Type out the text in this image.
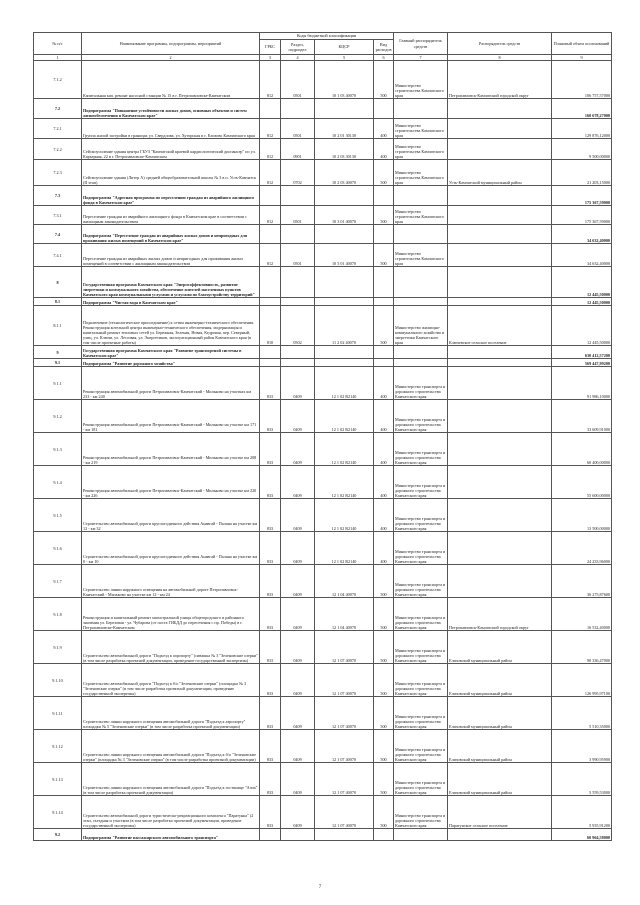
№ п/с	Наименование программы, подпрограммы, мероприятий	Коды бюджетной классификации				Главный распорядитель средств	Распорядитель средств	Плановый объем ассигнований
		ГРБС	Раздел, подраздел	КЦСР	Вид расходов			
1	2	3	4	5	6	7	8	9
7.1.2	Капитальная кап. ремонт насосной станции № 15 в г. Петропавловске-Камчатском	812	0501	10 1 03 40070	500	Министерство строительства Камчатского края	Петропавловск-Камчатский городской округ	106 757,57000
7.2	Подпрограмма "Повышение устойчивости жилых домов, основных объектов и систем жизнеобеспечения в Камчатском крае"							160 678,27000
7.2.1	Группа жилой застройки в границах ул. Свердлова, ул. Хуторская и г. Елизово Камчатского края	812	0501	10 2 01 30130	400	Министерство строительства Камчатского края		129 876,12000
7.2.2	Сейсмоусиление здания центра ГБУЗ "Камчатский краевой кардиологический диспансер" по ул. Карьерная, 22 в г. Петропавловске-Камчатском	812	0901	10 2 03 30130	400	Министерство строительства Камчатского края		9 500,00000
7.2.3	Сейсмоусиление здания (Литер А) средней общеобразовательной школы № 3 в п. Усть-Камчатск (II этап)	812	0702	10 2 03 40070	500	Министерство строительства Камчатского края	Усть-Камчатский муниципальный район	21 203,15000
7.3	Подпрограмма "Адресная программа по переселению граждан из аварийного жилищного фонда в Камчатском крае"							175 367,59000
7.3.1	Переселение граждан из аварийного жилищного фонда в Камчатском крае в соответствии с жилищным законодательством	812	0501	10 3 01 40070	500	Министерство строительства Камчатского края		175 367,59000
7.4	Подпрограмма "Переселение граждан из аварийных жилых домов и непригодных для проживания жилых помещений в Камчатском крае"							34 632,40000
7.4.1	Переселение граждан из аварийных жилых домов и непригодных для проживания жилых помещений в соответствии с жилищным законодательством	812	0501	10 5 01 40070	500	Министерство строительства Камчатского края		34 632,40000
8	Государственная программа Камчатского края "Энергоэффективность, развитие энергетики и коммунального хозяйства, обеспечение жителей населенных пунктов Камчатского края коммунальными услугами и услугами по благоустройству территорий"							12 445,50000
8.1	Подпрограмма "Чистая вода в Камчатском крае"							12 445,50000
8.1.1	Подключение (технологическое присоединение) к сетям инженерно-технического обеспечения. Реконструкция котельной центра инженерно-технического обеспечения, модернизация и капитальный ремонт тепловых сетей ул. Бережная, Зеленая, Новая, Кедровая, пер. Северный, улиц, уч. Ключи, ул. Лесозвая, ул. Энергетиков, эксплуатационный район Камчатского края (в том числе проектные работы)	810	0502	11 2 02 40070	500	Министерство жилищно-коммунального хозяйства и энергетики Камчатского края	Ключевское сельское поселение	12 445,50000
9	Государственная программа Камчатского края "Развитие транспортной системы в Камчатском крае"							630 412,57200
9.1	Подпрограмма "Развитие дорожного хозяйства"							569 447,99200
9.1.1	Реконструкция автомобильной дороги Петропавловск-Камчатский - Мильково на участках км 233 - км 240	833	0409	12 1 02 R2140	400	Министерство транспорта и дорожного строительства Камчатского края		91 986,10000
9.1.2	Реконструкция автомобильной дороги Петропавловск-Камчатский - Мильково на участке км 171 - км 181	833	0409	12 1 02 R2140	400	Министерство транспорта и дорожного строительства Камчатского края		33 609,91000
9.1.3	Реконструкция автомобильной дороги Петропавловск-Камчатский - Мильково на участке км 208 - км 219	833	0409	12 1 02 R2140	400	Министерство транспорта и дорожного строительства Камчатского края		60 400,00000
9.1.4	Реконструкция автомобильной дороги Петропавловск-Камчатский - Мильково на участке км 220 - км 226	833	0409	12 1 02 R2140	400	Министерство транспорта и дорожного строительства Камчатского края		55 600,00000
9.1.5	Строительство автомобильной дороги круглогодичного действия Анавгай - Палана на участке км 12 - км 32	833	0409	12 1 02 R2140	400	Министерство транспорта и дорожного строительства Камчатского края		13 500,00000
9.1.6	Строительство автомобильной дороги круглогодичного действия Анавгай - Палана на участке км 0 - км 10	833	0409	12 1 02 R2140	400	Министерство транспорта и дорожного строительства Камчатского края		24 233,96000
9.1.7	Строительство линии наружного освещения на автомобильной дороге Петропавловск-Камчатский - Мильково на участке км 12 - км 24	833	0409	12 1 04 40070	500	Министерство транспорта и дорожного строительства Камчатского края		36 275,87600
9.1.8	Реконструкция и капитальный ремонт магистральной улицы общегородского и районного значения ул. Березовая - ул. Чубарова (от поста ГИБДД до пересечения с пр. Победы) в г. Петропавловске-Камчатском	833	0409	12 1 04 40070	500	Министерство транспорта и дорожного строительства Камчатского края	Петропавловск-Камчатский городской округ	16 532,40000
9.1.9	Строительство автомобильной дороги "Подъезд к аэропорту" (сивашка № 3 "Зеленовские озерки" (в том числе разработка проектной документации, проведение государственной экспертизы)	833	0409	12 1 07 40070	500	Министерство транспорта и дорожного строительства Камчатского края	Елизовский муниципальный район	90 336,47000
9.1.10	Строительство автомобильной дороги "Подъезд к б/о "Зеленовские озерки" (площадка № 3 "Зеленовские озерки" (в том числе разработка проектной документации, проведение государственной экспертизы)	833	0409	12 1 07 40070	500	Министерство транспорта и дорожного строительства Камчатского края	Елизовский муниципальный район	126 995,97100
9.1.11	Строительство линии наружного освещения автомобильной дороги "Подъезд к аэропорту" площадки № 5 "Зеленовские озерки" (в том числе разработка проектной документации)	833	0409	12 1 07 40070	500	Министерство транспорта и дорожного строительства Камчатского края	Елизовский муниципальный район	5 510,35000
9.1.12	Строительство линии наружного освещения автомобильной дороги "Подъезд к б/о "Зеленовские озерки" (площадка № 3 "Зеленовские озерки" (в том числе разработка проектной документации)	833	0409	12 1 07 40070	500	Министерство транспорта и дорожного строительства Камчатского края	Елизовский муниципальный район	3 990,95900
9.1.13	Строительство линии наружного освещения автомобильной дороги "Подъезд к гостинице "Аэпа" (в том числе разработка проектной документации)	833	0409	12 1 07 40070	500	Министерство транспорта и дорожного строительства Камчатского края	Елизовский муниципальный район	5 559,53000
9.1.14	Строительство автомобильной дороги туристическо-рекреационного комплекса "Паратунка" (2 этап, съездная и участком (в том числе разработка проектной документации, проведение государственной экспертизы)	833	0409	12 1 07 40070	500	Министерство транспорта и дорожного строительства Камчатского края	Паратунское сельское поселение	5 935,91200
9.2	Подпрограмма "Развитие пассажирского автомобильного транспорта"							60 964,58000
7
